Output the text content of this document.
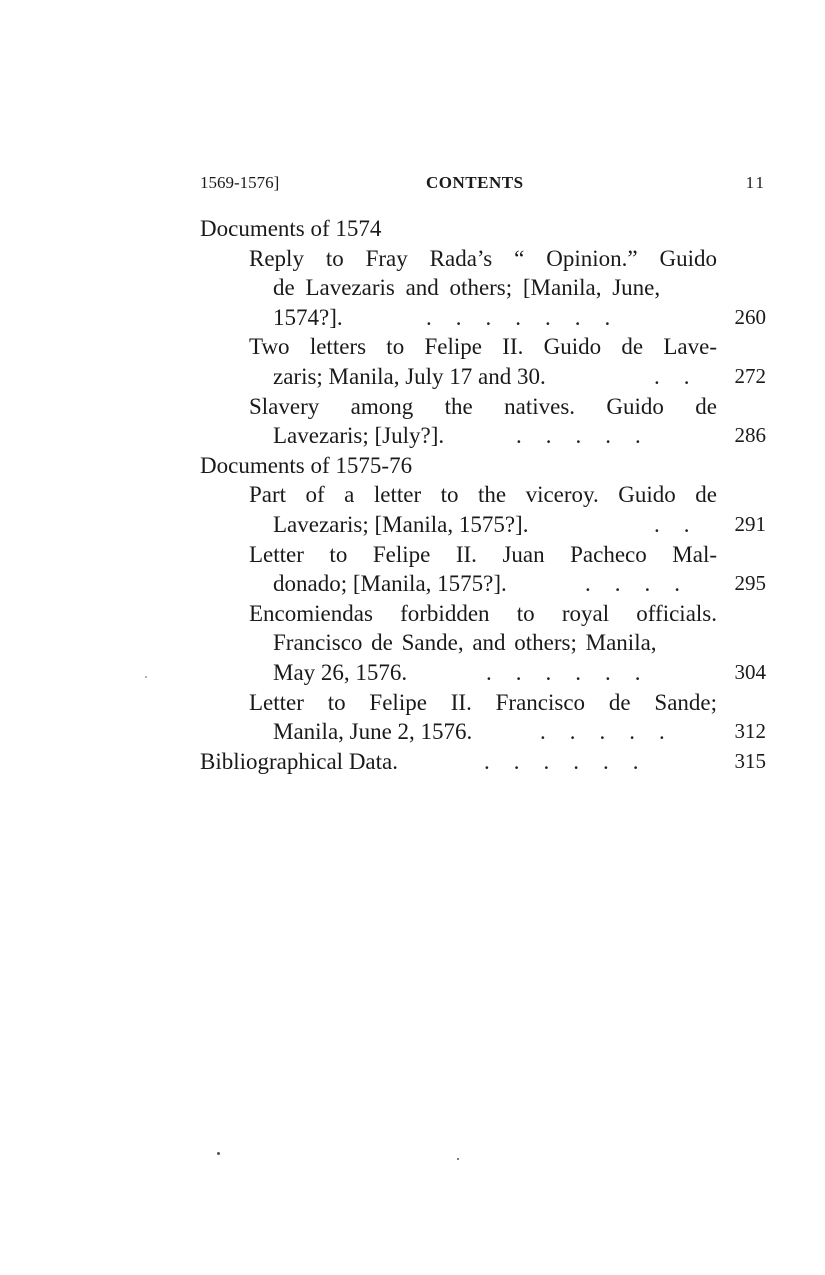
1569-1576]	CONTENTS	11
Documents of 1574
Reply to Fray Rada’s “ Opinion.” Guido
de Lavezaris and others; [Manila, June,
1574?].	.......	260
Two letters to Felipe II. Guido de Lave-
zaris; Manila, July 17 and 30.	.. 272
Slavery among the natives. Guido de
Lavezaris; [July?].	.....	286
Documents of 1575-76
Part of a letter to the viceroy. Guido de
Lavezaris; [Manila, 1575?].	.. 291
Letter to Felipe II. Juan Pacheco Mal-
donado; [Manila, 1575?].	.... 295
Encomiendas forbidden to royal officials.
Francisco de Sande, and others; Manila,
May 26, 1576.	......	304
Letter to Felipe II. Francisco de Sande;
Manila, June 2, 1576.	..... 312
Bibliographical Data.	......	315
